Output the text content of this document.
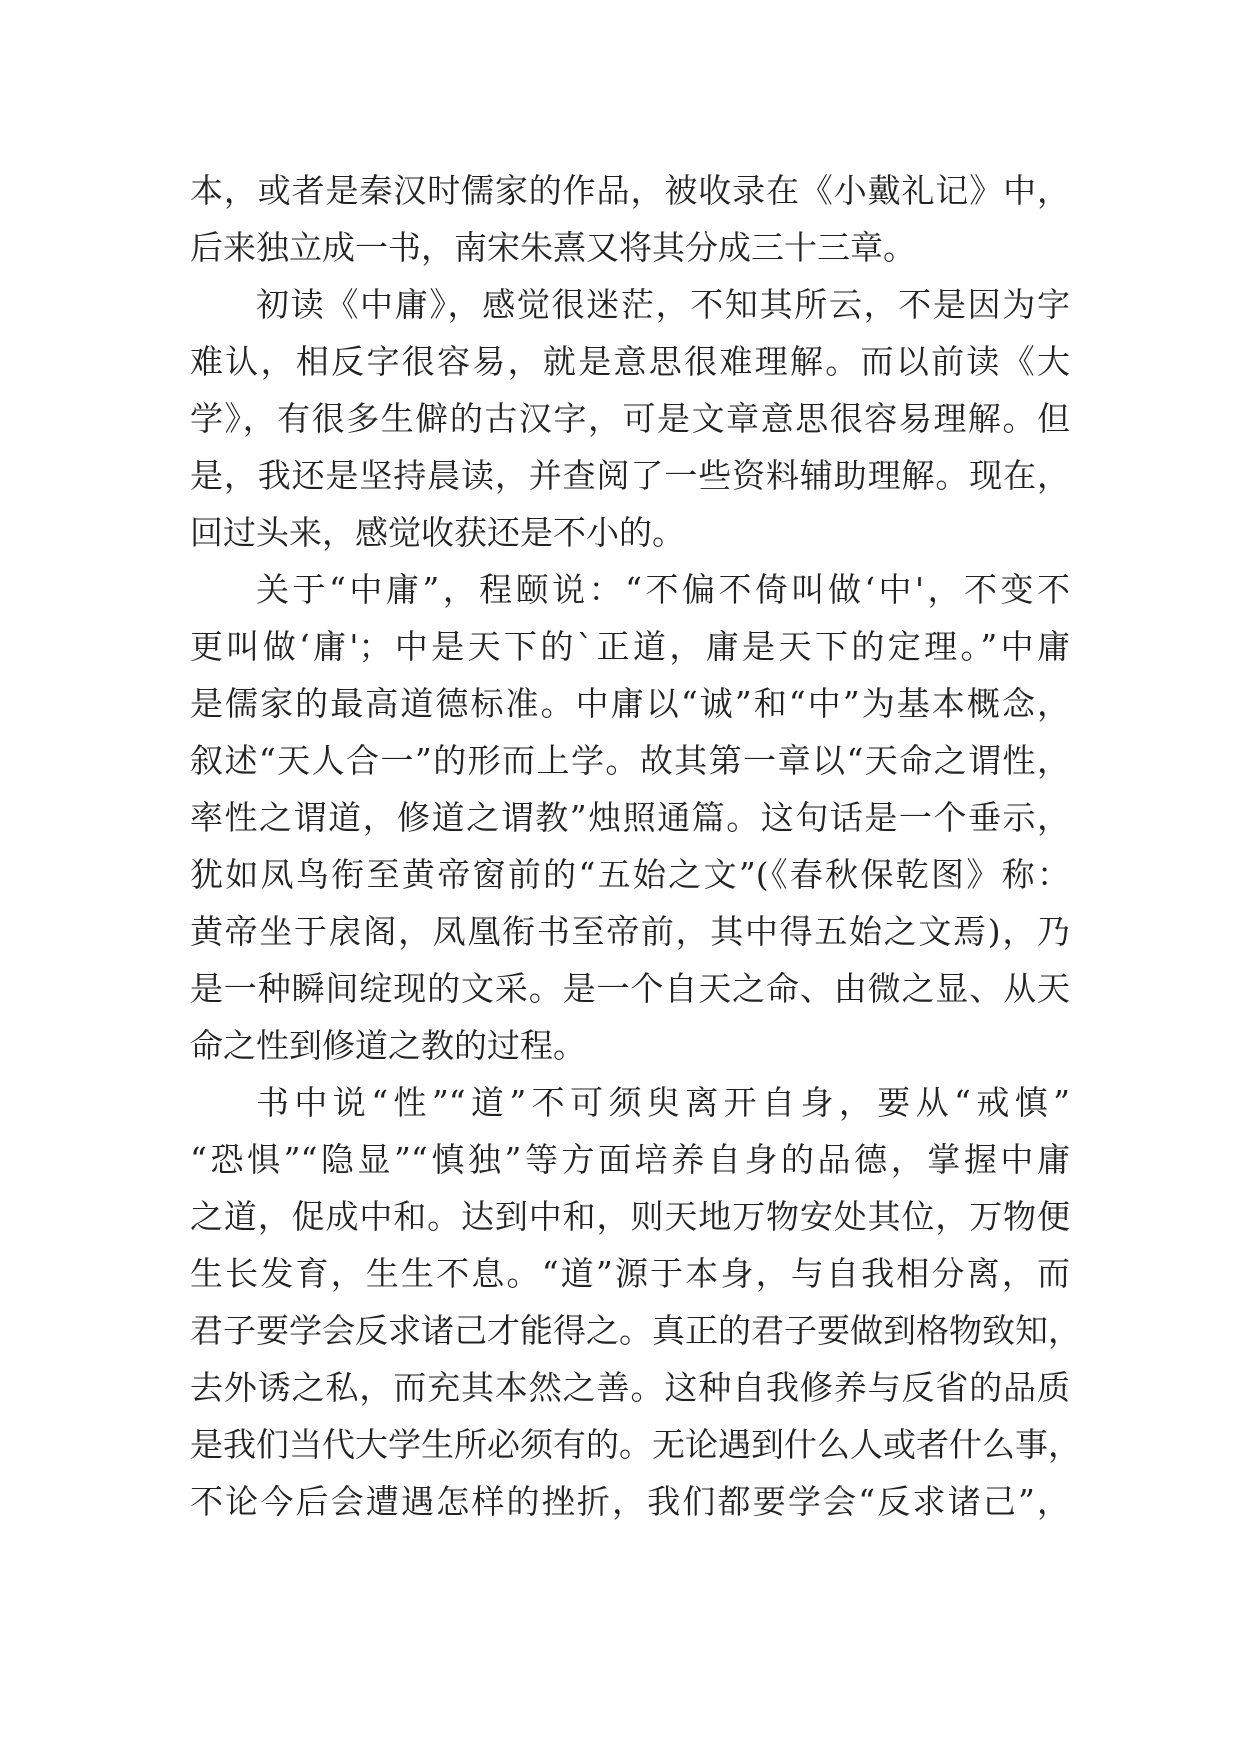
本，或者是秦汉时儒家的作品，被收录在《小戴礼记》中，
后来独立成一书，南宋朱熹又将其分成三十三章。
初读《中庸》，感觉很迷茫，不知其所云，不是因为字
难认，相反字很容易，就是意思很难理解。而以前读《大
学》，有很多生僻的古汉字，可是文章意思很容易理解。但
是，我还是坚持晨读，并查阅了一些资料辅助理解。现在，
回过头来，感觉收获还是不小的。
关于“中庸”，程颐说：“不偏不倚叫做‘中'，不变不
更叫做‘庸'；中是天下的`正道，庸是天下的定理。”中庸
是儒家的最高道德标准。中庸以“诚”和“中”为基本概念，
叙述“天人合一”的形而上学。故其第一章以“天命之谓性，
率性之谓道，修道之谓教”烛照通篇。这句话是一个垂示，
犹如凤鸟衔至黄帝窗前的“五始之文”(《春秋保乾图》称：
黄帝坐于扆阁，凤凰衔书至帝前，其中得五始之文焉)，乃
是一种瞬间绽现的文采。是一个自天之命、由微之显、从天
命之性到修道之教的过程。
书中说“性”“道”不可须臾离开自身，要从“戒慎”
“恐惧”“隐显”“慎独”等方面培养自身的品德，掌握中庸
之道，促成中和。达到中和，则天地万物安处其位，万物便
生长发育，生生不息。“道”源于本身，与自我相分离，而
君子要学会反求诸己才能得之。真正的君子要做到格物致知，
去外诱之私，而充其本然之善。这种自我修养与反省的品质
是我们当代大学生所必须有的。无论遇到什么人或者什么事，
不论今后会遭遇怎样的挫折，我们都要学会“反求诸己”，
